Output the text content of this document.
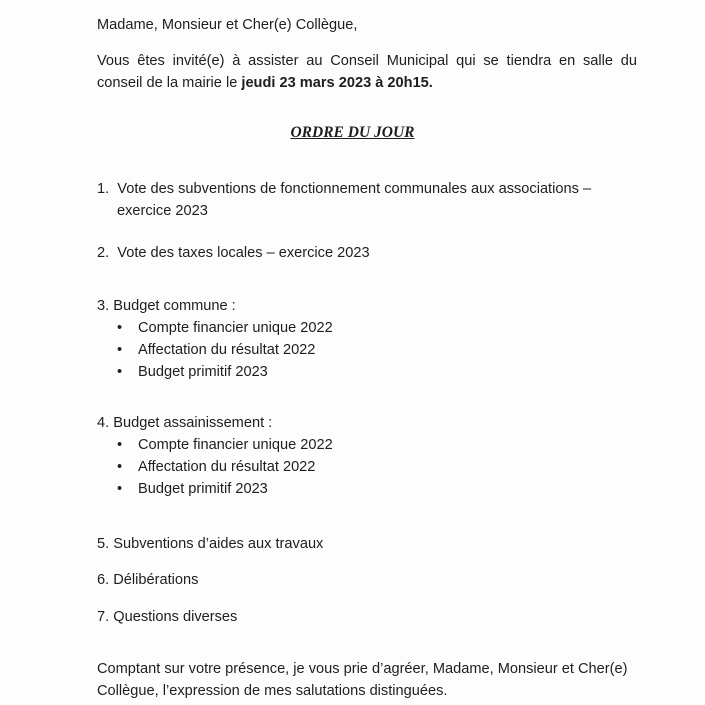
Madame, Monsieur et Cher(e) Collègue,
Vous êtes invité(e) à assister au Conseil Municipal qui se tiendra en salle du conseil de la mairie le jeudi 23 mars 2023 à 20h15.
ORDRE DU JOUR
1. Vote des subventions de fonctionnement communales aux associations –
exercice 2023
2. Vote des taxes locales – exercice 2023
3. Budget commune :
• Compte financier unique 2022
• Affectation du résultat 2022
• Budget primitif 2023
4. Budget assainissement :
• Compte financier unique 2022
• Affectation du résultat 2022
• Budget primitif 2023
5. Subventions d’aides aux travaux
6. Délibérations
7. Questions diverses
Comptant sur votre présence, je vous prie d’agréer, Madame, Monsieur et Cher(e) Collègue, l’expression de mes salutations distinguées.
